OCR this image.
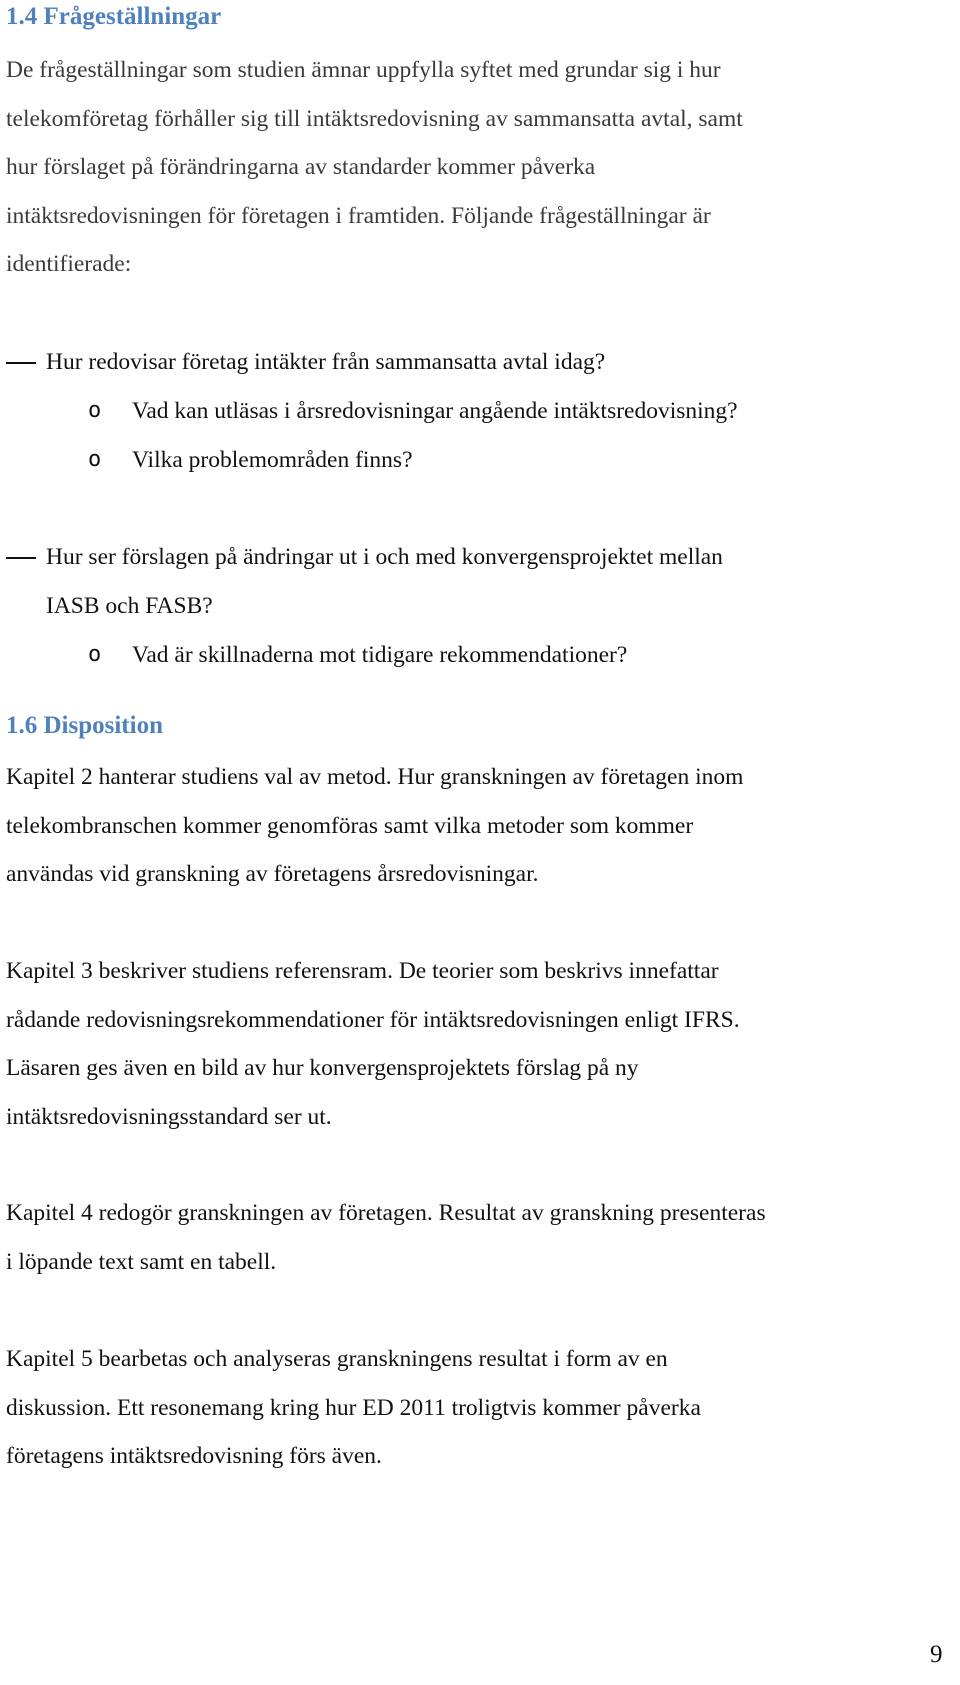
1.4 Frågeställningar

De frågeställningar som studien ämnar uppfylla syftet med grundar sig i hur
telekomföretag förhåller sig till intäktsredovisning av sammansatta avtal, samt
hur förslaget på förändringarna av standarder kommer påverka
intäktsredovisningen för företagen i framtiden. Följande frågeställningar är
identifierade:

Hur redovisar företag intäkter från sammansatta avtal idag?
o Vad kan utläsas i årsredovisningar angående intäktsredovisning?
o Vilka problemområden finns?
Hur ser förslagen på ändringar ut i och med konvergensprojektet mellan
IASB och FASB?
o Vad är skillnaderna mot tidigare rekommendationer?
1.6 Disposition

Kapitel 2 hanterar studiens val av metod. Hur granskningen av företagen inom
telekombranschen kommer genomföras samt vilka metoder som kommer
användas vid granskning av företagens årsredovisningar.

Kapitel 3 beskriver studiens referensram. De teorier som beskrivs innefattar
rådande redovisningsrekommendationer för intäktsredovisningen enligt IFRS.
Läsaren ges även en bild av hur konvergensprojektets förslag på ny
intäktsredovisningsstandard ser ut.

Kapitel 4 redogör granskningen av företagen. Resultat av granskning presenteras
i löpande text samt en tabell.

Kapitel 5 bearbetas och analyseras granskningens resultat i form av en
diskussion. Ett resonemang kring hur ED 2011 troligtvis kommer påverka
företagens intäktsredovisning förs även.

9
